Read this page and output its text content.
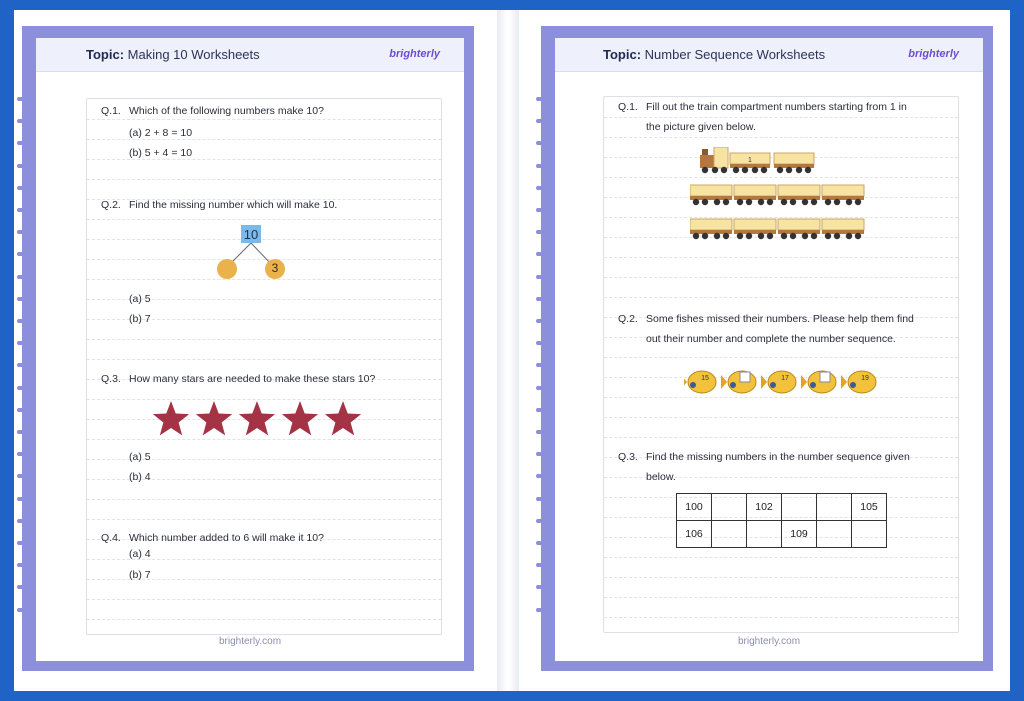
Topic: Making 10 Worksheets	brighterly
Q.1. Which of the following numbers make 10?
(a) 2 + 8 = 10
(b) 5 + 4 = 10
Q.2. Find the missing number which will make 10.
10
3
(a) 5
(b) 7
Q.3. How many stars are needed to make these stars 10?
(a) 5
(b) 4
Q.4. Which number added to 6 will make it 10?
(a) 4
(b) 7
brighterly.com
Topic: Number Sequence Worksheets	brighterly
Q.1. Fill out the train compartment numbers starting from 1 in
the picture given below.
1
Q.2. Some fishes missed their numbers. Please help them find
out their number and complete the number sequence.
15	17	19
Q.3. Find the missing numbers in the number sequence given
below.
100		102			105
106			109		
brighterly.com
